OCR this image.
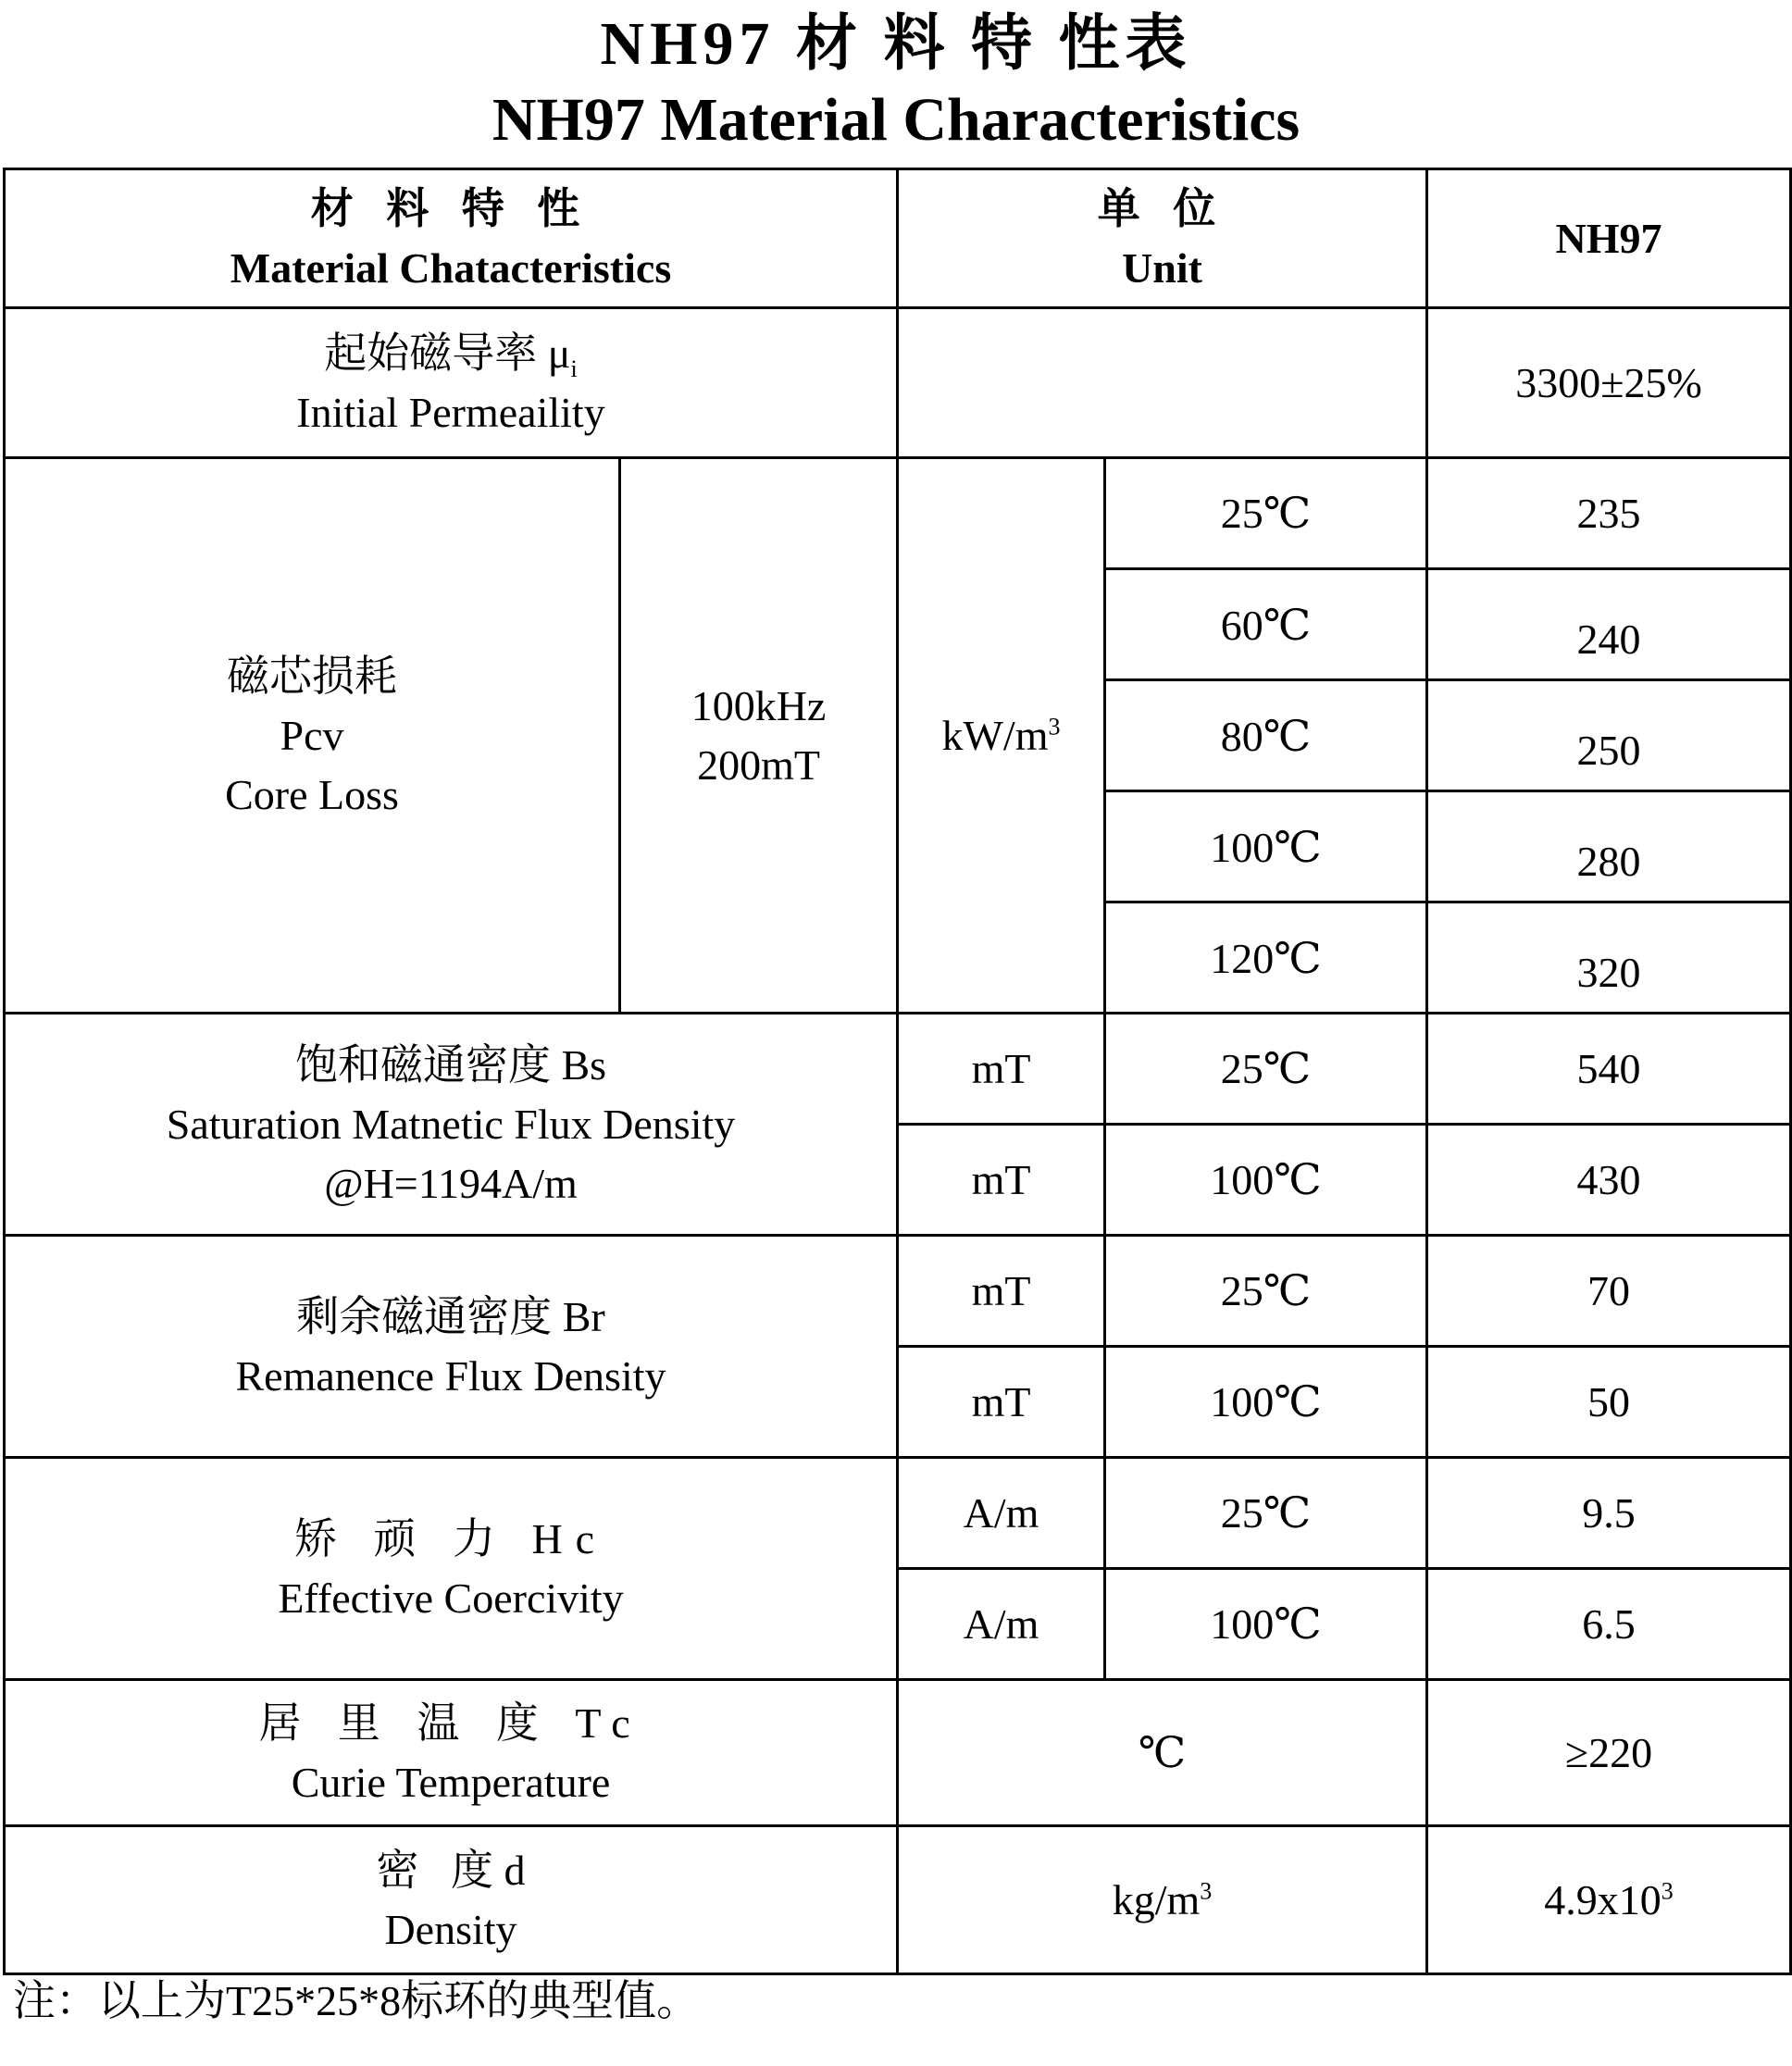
NH97 材 料 特 性表
NH97 Material Characteristics
材 料 特 性
Material Chatacteristics		单 位
Unit		NH97

起始磁导率 $\mu_i$
Initial Permeaility				3300±25%

磁芯损耗
Pcv
Core Loss	100kHz
200mT	$kW/m^3$	25℃	235
			60℃	240
			80℃	250
			100℃	280
			120℃	320

饱和磁通密度 Bs
Saturation Matnetic Flux Density
@H=1194A/m		mT	25℃	540
		mT	100℃	430

剩余磁通密度 Br
Remanence Flux Density		mT	25℃	70
		mT	100℃	50

矫 顽 力 Hc
Effective Coercivity		A/m	25℃	9.5
		A/m	100℃	6.5

居 里 温 度 Tc
Curie Temperature		℃		≥220

密   度 d
Density		$kg/m^3$		$4.9x10^3$
注：以上为T25*25*8标环的典型值。
